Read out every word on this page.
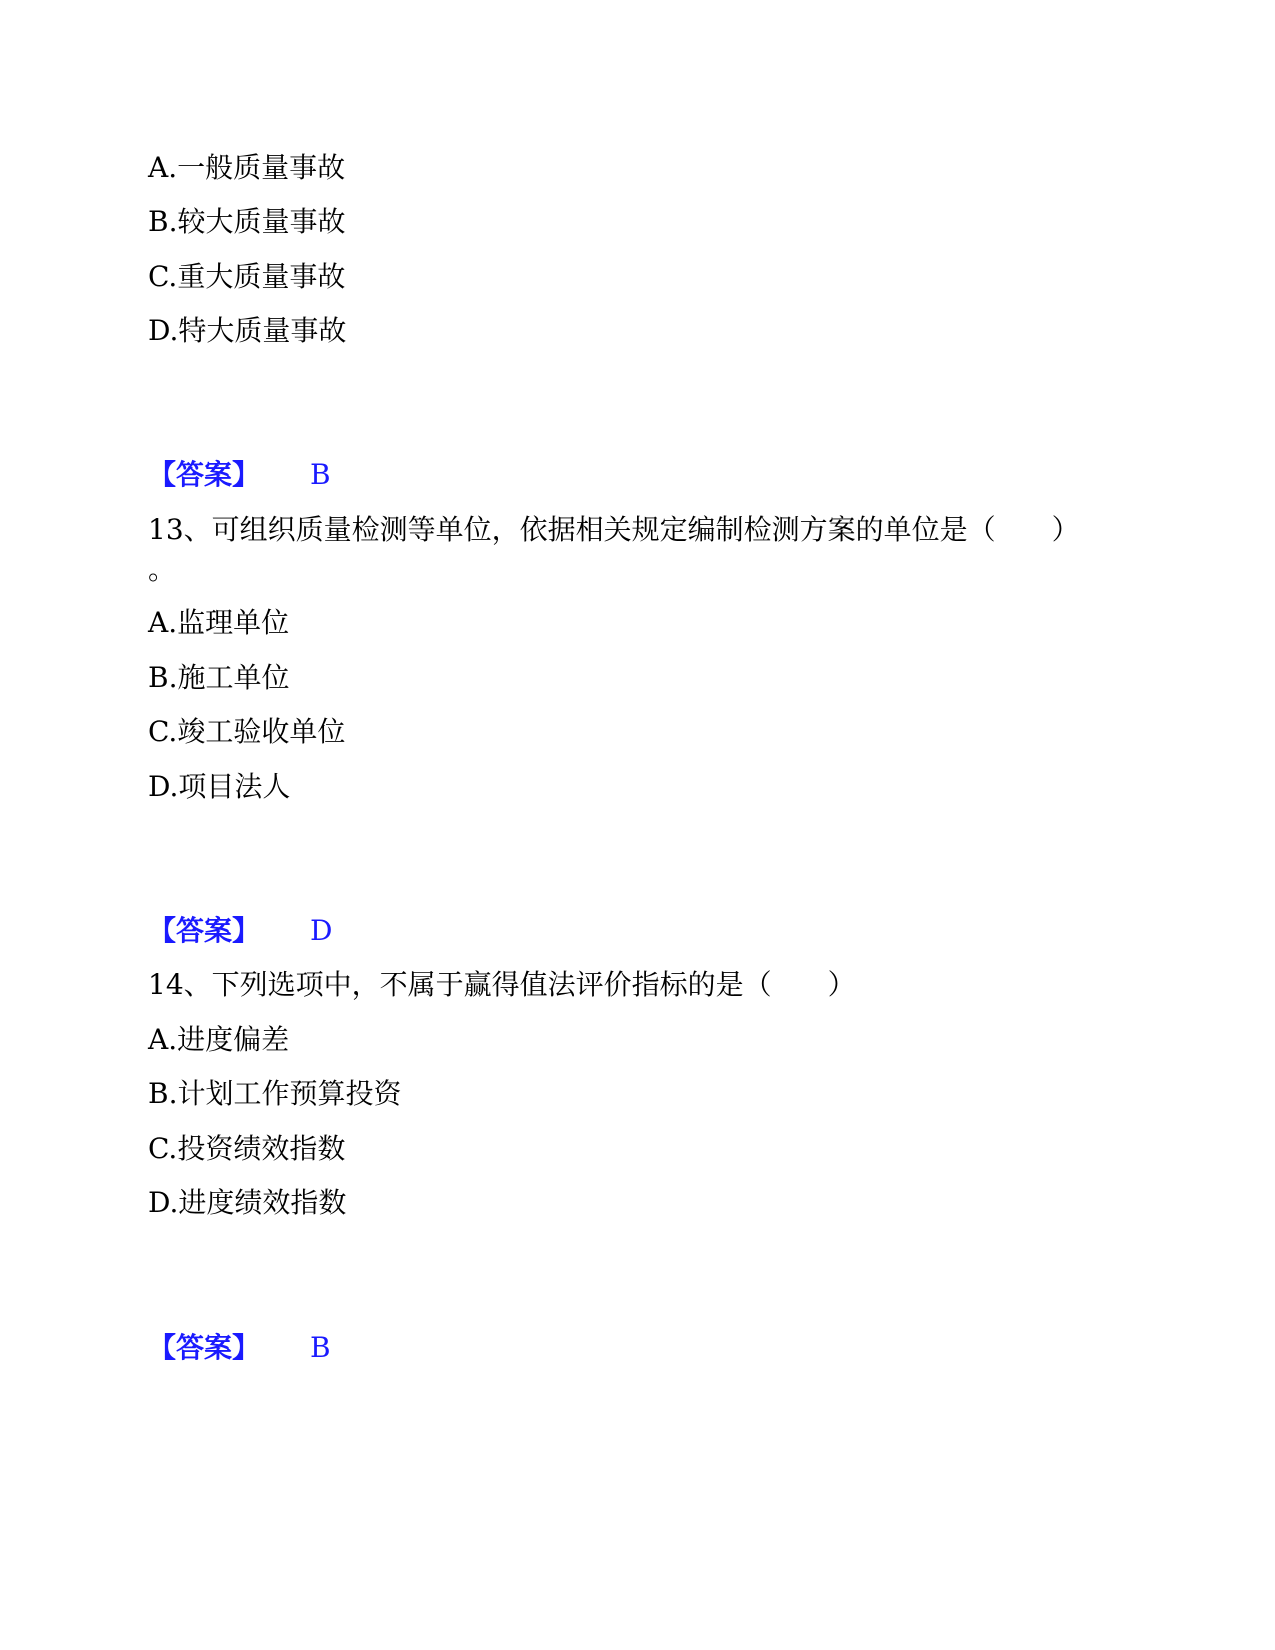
A.一般质量事故
B.较大质量事故
C.重大质量事故
D.特大质量事故
【答案】 B
13、可组织质量检测等单位，依据相关规定编制检测方案的单位是（　　）
。
A.监理单位
B.施工单位
C.竣工验收单位
D.项目法人
【答案】 D
14、下列选项中，不属于赢得值法评价指标的是（　　）
A.进度偏差
B.计划工作预算投资
C.投资绩效指数
D.进度绩效指数
【答案】 B
